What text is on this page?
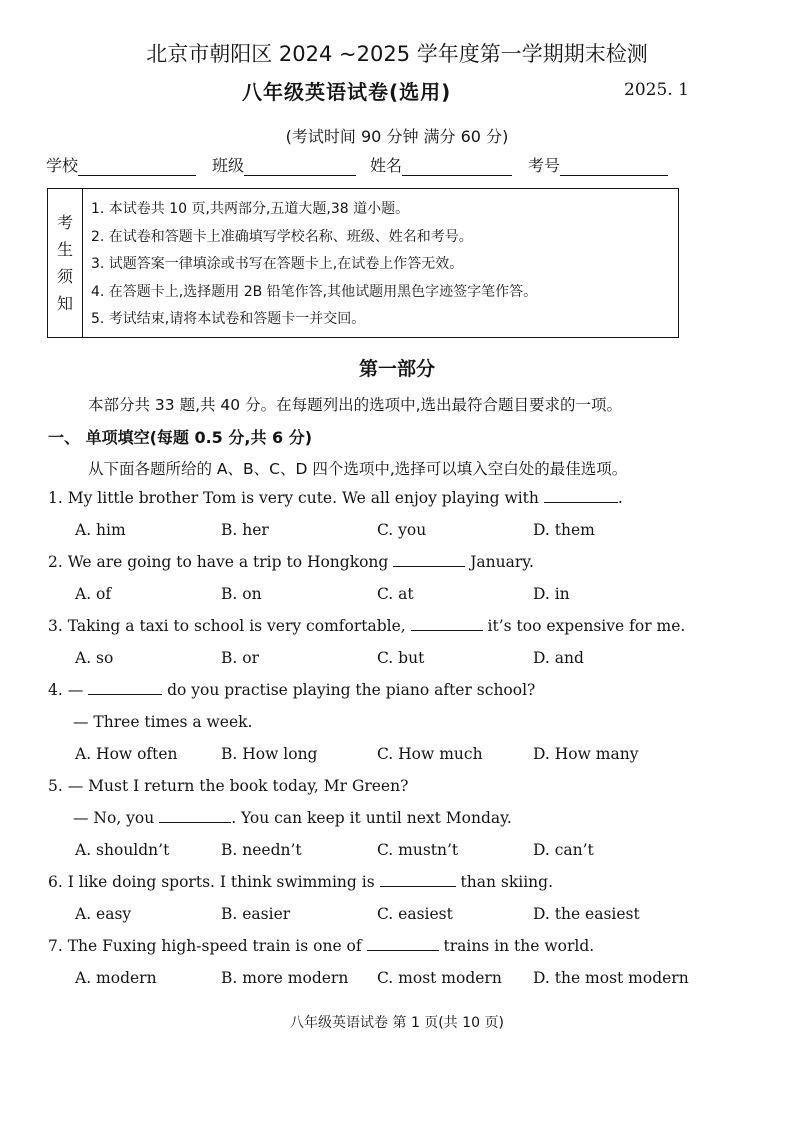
北京市朝阳区 2024 ~2025 学年度第一学期期末检测
八年级英语试卷(选用)	2025. 1
(考试时间 90 分钟 满分 60 分)
学校	班级	姓名	考号
考
生
须
知
1. 本试卷共 10 页,共两部分,五道大题,38 道小题。
2. 在试卷和答题卡上准确填写学校名称、班级、姓名和考号。
3. 试题答案一律填涂或书写在答题卡上,在试卷上作答无效。
4. 在答题卡上,选择题用 2B 铅笔作答,其他试题用黑色字迹签字笔作答。
5. 考试结束,请将本试卷和答题卡一并交回。
第一部分
本部分共 33 题,共 40 分。在每题列出的选项中,选出最符合题目要求的一项。
一、 单项填空(每题 0.5 分,共 6 分)
从下面各题所给的 A、B、C、D 四个选项中,选择可以填入空白处的最佳选项。
1. My little brother Tom is very cute. We all enjoy playing with	.
A. him	B. her	C. you	D. them
2. We are going to have a trip to Hongkong	January.
A. of	B. on	C. at	D. in
3. Taking a taxi to school is very comfortable,	it’s too expensive for me.
A. so	B. or	C. but	D. and
4. —	do you practise playing the piano after school?
— Three times a week.
A. How often	B. How long	C. How much	D. How many
5. — Must I return the book today, Mr Green?
— No, you	. You can keep it until next Monday.
A. shouldn’t	B. needn’t	C. mustn’t	D. can’t
6. I like doing sports. I think swimming is	than skiing.
A. easy	B. easier	C. easiest	D. the easiest
7. The Fuxing high-speed train is one of	trains in the world.
A. modern	B. more modern C. most modern D. the most modern
八年级英语试卷 第 1 页(共 10 页)
